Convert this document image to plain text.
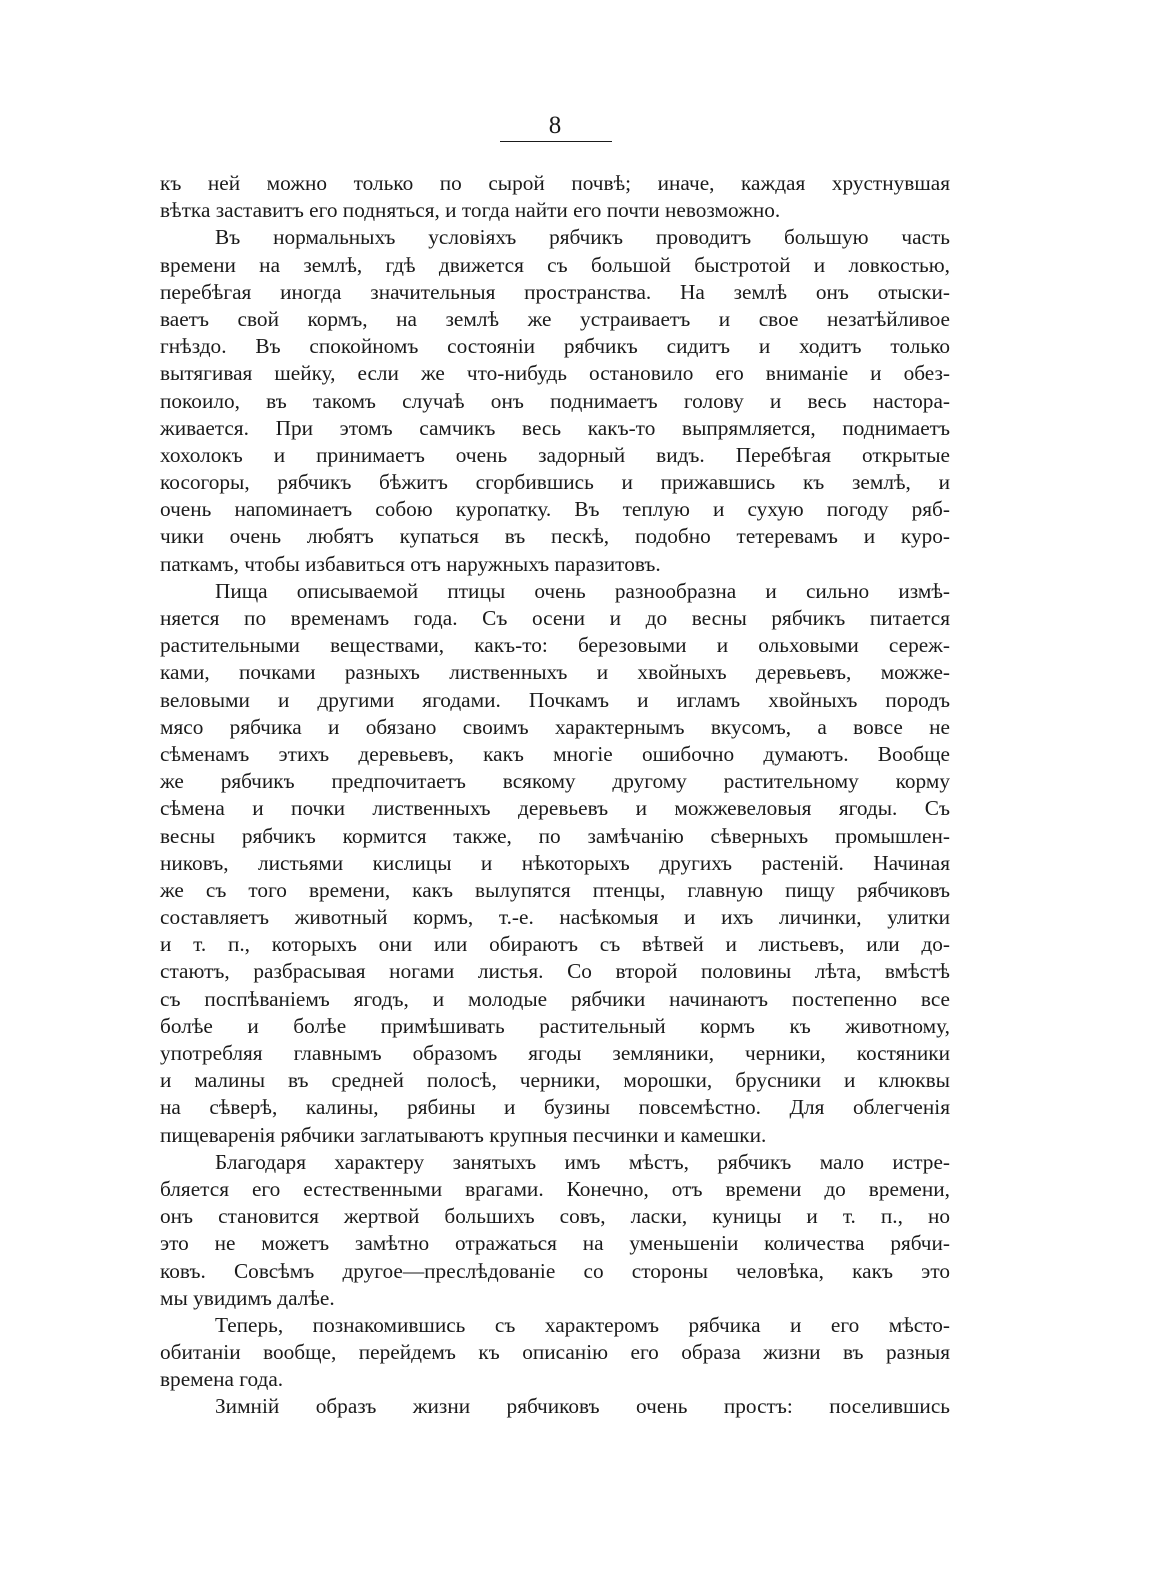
8
къ ней можно только по сырой почвѣ; иначе, каждая хрустнувшая
вѣтка заставитъ его подняться, и тогда найти его почти невозможно.
Въ нормальныхъ условіяхъ рябчикъ проводитъ большую часть
времени на землѣ, гдѣ движется съ большой быстротой и ловкостью,
перебѣгая иногда значительныя пространства. На землѣ онъ отыски-
ваетъ свой кормъ, на землѣ же устраиваетъ и свое незатѣйливое
гнѣздо. Въ спокойномъ состояніи рябчикъ сидитъ и ходитъ только
вытягивая шейку, если же что-нибудь остановило его вниманіе и обез-
покоило, въ такомъ случаѣ онъ поднимаетъ голову и весь настора-
живается. При этомъ самчикъ весь какъ-то выпрямляется, поднимаетъ
хохолокъ и принимаетъ очень задорный видъ. Перебѣгая открытые
косогоры, рябчикъ бѣжитъ сгорбившись и прижавшись къ землѣ, и
очень напоминаетъ собою куропатку. Въ теплую и сухую погоду ряб-
чики очень любятъ купаться въ пескѣ, подобно тетеревамъ и куро-
паткамъ, чтобы избавиться отъ наружныхъ паразитовъ.
Пища описываемой птицы очень разнообразна и сильно измѣ-
няется по временамъ года. Съ осени и до весны рябчикъ питается
растительными веществами, какъ-то: березовыми и ольховыми сереж-
ками, почками разныхъ лиственныхъ и хвойныхъ деревьевъ, можже-
веловыми и другими ягодами. Почкамъ и игламъ хвойныхъ породъ
мясо рябчика и обязано своимъ характернымъ вкусомъ, а вовсе не
сѣменамъ этихъ деревьевъ, какъ многіе ошибочно думаютъ. Вообще
же рябчикъ предпочитаетъ всякому другому растительному корму
сѣмена и почки лиственныхъ деревьевъ и можжевеловыя ягоды. Съ
весны рябчикъ кормится также, по замѣчанію сѣверныхъ промышлен-
никовъ, листьями кислицы и нѣкоторыхъ другихъ растеній. Начиная
же съ того времени, какъ вылупятся птенцы, главную пищу рябчиковъ
составляетъ животный кормъ, т.-е. насѣкомыя и ихъ личинки, улитки
и т. п., которыхъ они или обираютъ съ вѣтвей и листьевъ, или до-
стаютъ, разбрасывая ногами листья. Со второй половины лѣта, вмѣстѣ
съ поспѣваніемъ ягодъ, и молодые рябчики начинаютъ постепенно все
болѣе и болѣе примѣшивать растительный кормъ къ животному,
употребляя главнымъ образомъ ягоды земляники, черники, костяники
и малины въ средней полосѣ, черники, морошки, брусники и клюквы
на сѣверѣ, калины, рябины и бузины повсемѣстно. Для облегченія
пищеваренія рябчики заглатываютъ крупныя песчинки и камешки.
Благодаря характеру занятыхъ имъ мѣстъ, рябчикъ мало истре-
бляется его естественными врагами. Конечно, отъ времени до времени,
онъ становится жертвой большихъ совъ, ласки, куницы и т. п., но
это не можетъ замѣтно отражаться на уменьшеніи количества рябчи-
ковъ. Совсѣмъ другое—преслѣдованіе со стороны человѣка, какъ это
мы увидимъ далѣе.
Теперь, познакомившись съ характеромъ рябчика и его мѣсто-
обитаніи вообще, перейдемъ къ описанію его образа жизни въ разныя
времена года.
Зимній образъ жизни рябчиковъ очень простъ: поселившись
